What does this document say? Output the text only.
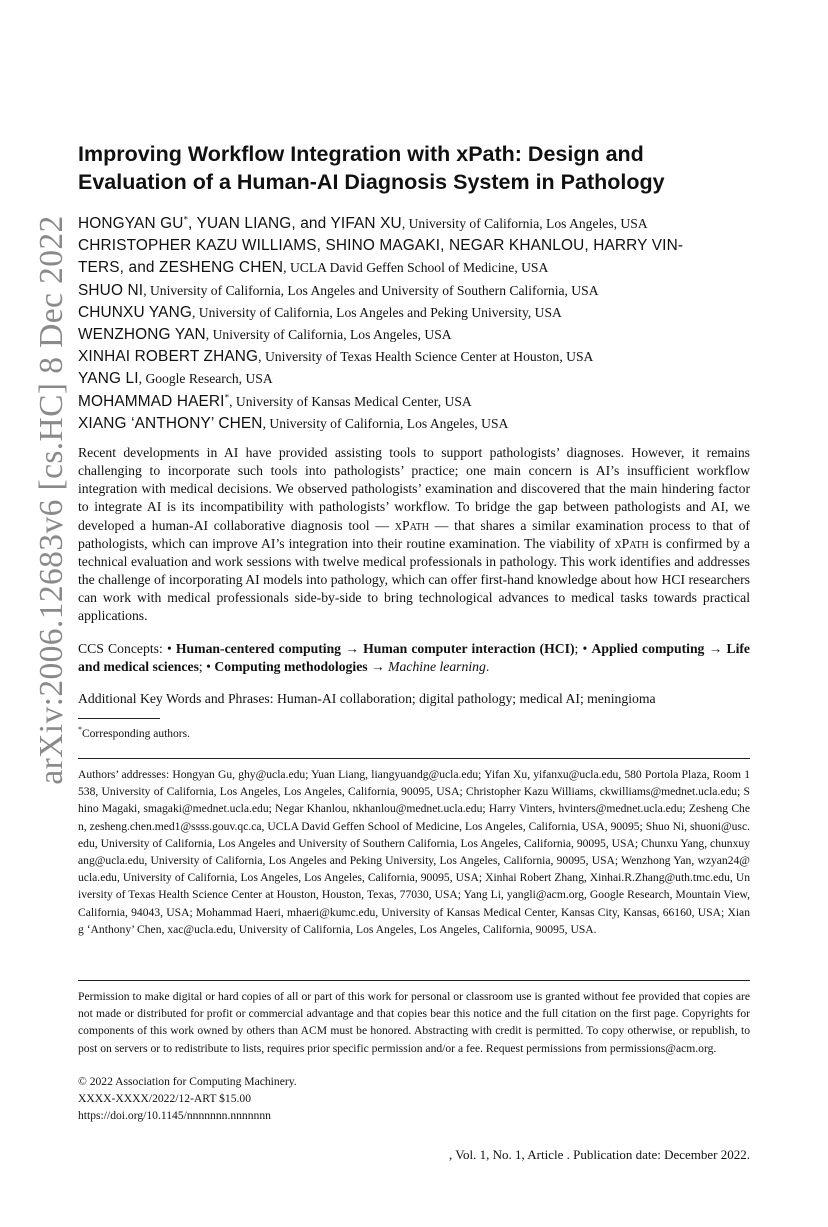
arXiv:2006.12683v6 [cs.HC] 8 Dec 2022
Improving Workflow Integration with xPath: Design and Evaluation of a Human-AI Diagnosis System in Pathology
HONGYAN GU*, YUAN LIANG, and YIFAN XU, University of California, Los Angeles, USA
CHRISTOPHER KAZU WILLIAMS, SHINO MAGAKI, NEGAR KHANLOU, HARRY VIN-
TERS, and ZESHENG CHEN, UCLA David Geffen School of Medicine, USA
SHUO NI, University of California, Los Angeles and University of Southern California, USA
CHUNXU YANG, University of California, Los Angeles and Peking University, USA
WENZHONG YAN, University of California, Los Angeles, USA
XINHAI ROBERT ZHANG, University of Texas Health Science Center at Houston, USA
YANG LI, Google Research, USA
MOHAMMAD HAERI*, University of Kansas Medical Center, USA
XIANG ‘ANTHONY’ CHEN, University of California, Los Angeles, USA

Recent developments in AI have provided assisting tools to support pathologists’ diagnoses. However, it remains challenging to incorporate such tools into pathologists’ practice; one main concern is AI’s insufficient workflow integration with medical decisions. We observed pathologists’ examination and discovered that the main hindering factor to integrate AI is its incompatibility with pathologists’ workflow. To bridge the gap between pathologists and AI, we developed a human-AI collaborative diagnosis tool — xPath — that shares a similar examination process to that of pathologists, which can improve AI’s integration into their routine examination. The viability of xPath is confirmed by a technical evaluation and work sessions with twelve medical professionals in pathology. This work identifies and addresses the challenge of incorporating AI models into pathology, which can offer first-hand knowledge about how HCI researchers can work with medical professionals side-by-side to bring technological advances to medical tasks towards practical applications.

CCS Concepts: • Human-centered computing → Human computer interaction (HCI); • Applied computing → Life and medical sciences; • Computing methodologies → Machine learning.

Additional Key Words and Phrases: Human-AI collaboration; digital pathology; medical AI; meningioma

*Corresponding authors.

Authors’ addresses: Hongyan Gu, ghy@ucla.edu; Yuan Liang, liangyuandg@ucla.edu; Yifan Xu, yifanxu@ucla.edu, 580 Portola Plaza, Room 1538, University of California, Los Angeles, Los Angeles, California, 90095, USA; Christopher Kazu Williams, ckwilliams@mednet.ucla.edu; Shino Magaki, smagaki@mednet.ucla.edu; Negar Khanlou, nkhanlou@mednet.ucla.edu; Harry Vinters, hvinters@mednet.ucla.edu; Zesheng Chen, zesheng.chen.med1@ssss.gouv.qc.ca, UCLA David Geffen School of Medicine, Los Angeles, California, USA, 90095; Shuo Ni, shuoni@usc.edu, University of California, Los Angeles and University of Southern California, Los Angeles, California, 90095, USA; Chunxu Yang, chunxuyang@ucla.edu, University of California, Los Angeles and Peking University, Los Angeles, California, 90095, USA; Wenzhong Yan, wzyan24@ucla.edu, University of California, Los Angeles, Los Angeles, California, 90095, USA; Xinhai Robert Zhang, Xinhai.R.Zhang@uth.tmc.edu, University of Texas Health Science Center at Houston, Houston, Texas, 77030, USA; Yang Li, yangli@acm.org, Google Research, Mountain View, California, 94043, USA; Mohammad Haeri, mhaeri@kumc.edu, University of Kansas Medical Center, Kansas City, Kansas, 66160, USA; Xiang ‘Anthony’ Chen, xac@ucla.edu, University of California, Los Angeles, Los Angeles, California, 90095, USA.

Permission to make digital or hard copies of all or part of this work for personal or classroom use is granted without fee provided that copies are not made or distributed for profit or commercial advantage and that copies bear this notice and the full citation on the first page. Copyrights for components of this work owned by others than ACM must be honored. Abstracting with credit is permitted. To copy otherwise, or republish, to post on servers or to redistribute to lists, requires prior specific permission and/or a fee. Request permissions from permissions@acm.org.

© 2022 Association for Computing Machinery.
XXXX-XXXX/2022/12-ART $15.00
https://doi.org/10.1145/nnnnnnn.nnnnnnn
, Vol. 1, No. 1, Article . Publication date: December 2022.
